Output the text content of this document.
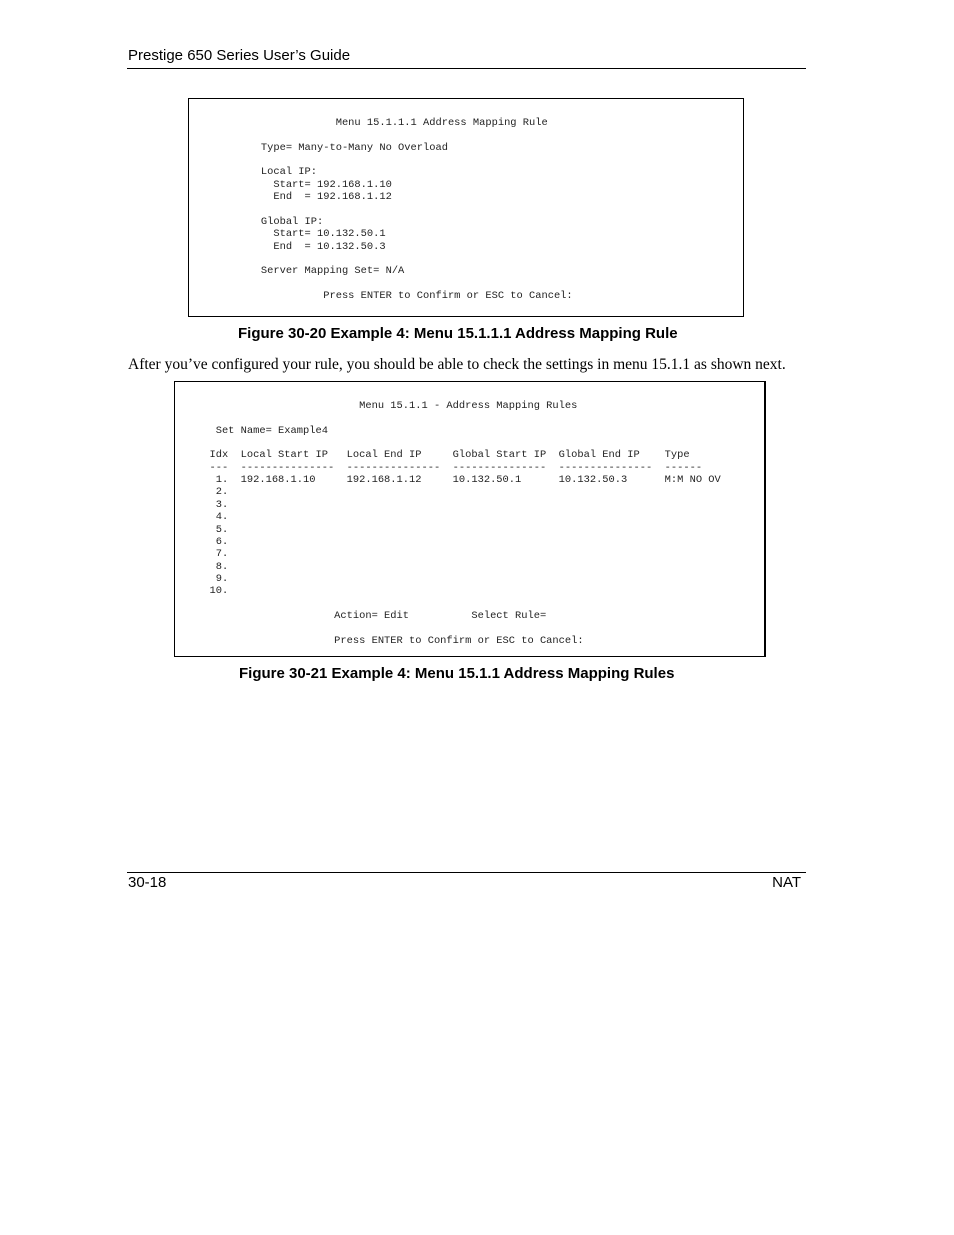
Prestige 650 Series User’s Guide
Menu 15.1.1.1 Address Mapping Rule
Type= Many-to-Many No Overload
Local IP:
Start= 192.168.1.10
End  = 192.168.1.12
Global IP:
Start= 10.132.50.1
End  = 10.132.50.3
Server Mapping Set= N/A
Press ENTER to Confirm or ESC to Cancel:
Figure 30-20 Example 4: Menu 15.1.1.1 Address Mapping Rule
After you’ve configured your rule, you should be able to check the settings in menu 15.1.1 as shown next.
Menu 15.1.1 - Address Mapping Rules
Set Name= Example4
Idx  Local Start IP   Local End IP     Global Start IP  Global End IP    Type
---  ---------------  ---------------  ---------------  ---------------  ------
1.  192.168.1.10     192.168.1.12     10.132.50.1      10.132.50.3      M:M NO OV
2.
3.
4.
5.
6.
7.
8.
9.
10.
Action= Edit          Select Rule=
Press ENTER to Confirm or ESC to Cancel:
Figure 30-21 Example 4: Menu 15.1.1 Address Mapping Rules
30-18	NAT
